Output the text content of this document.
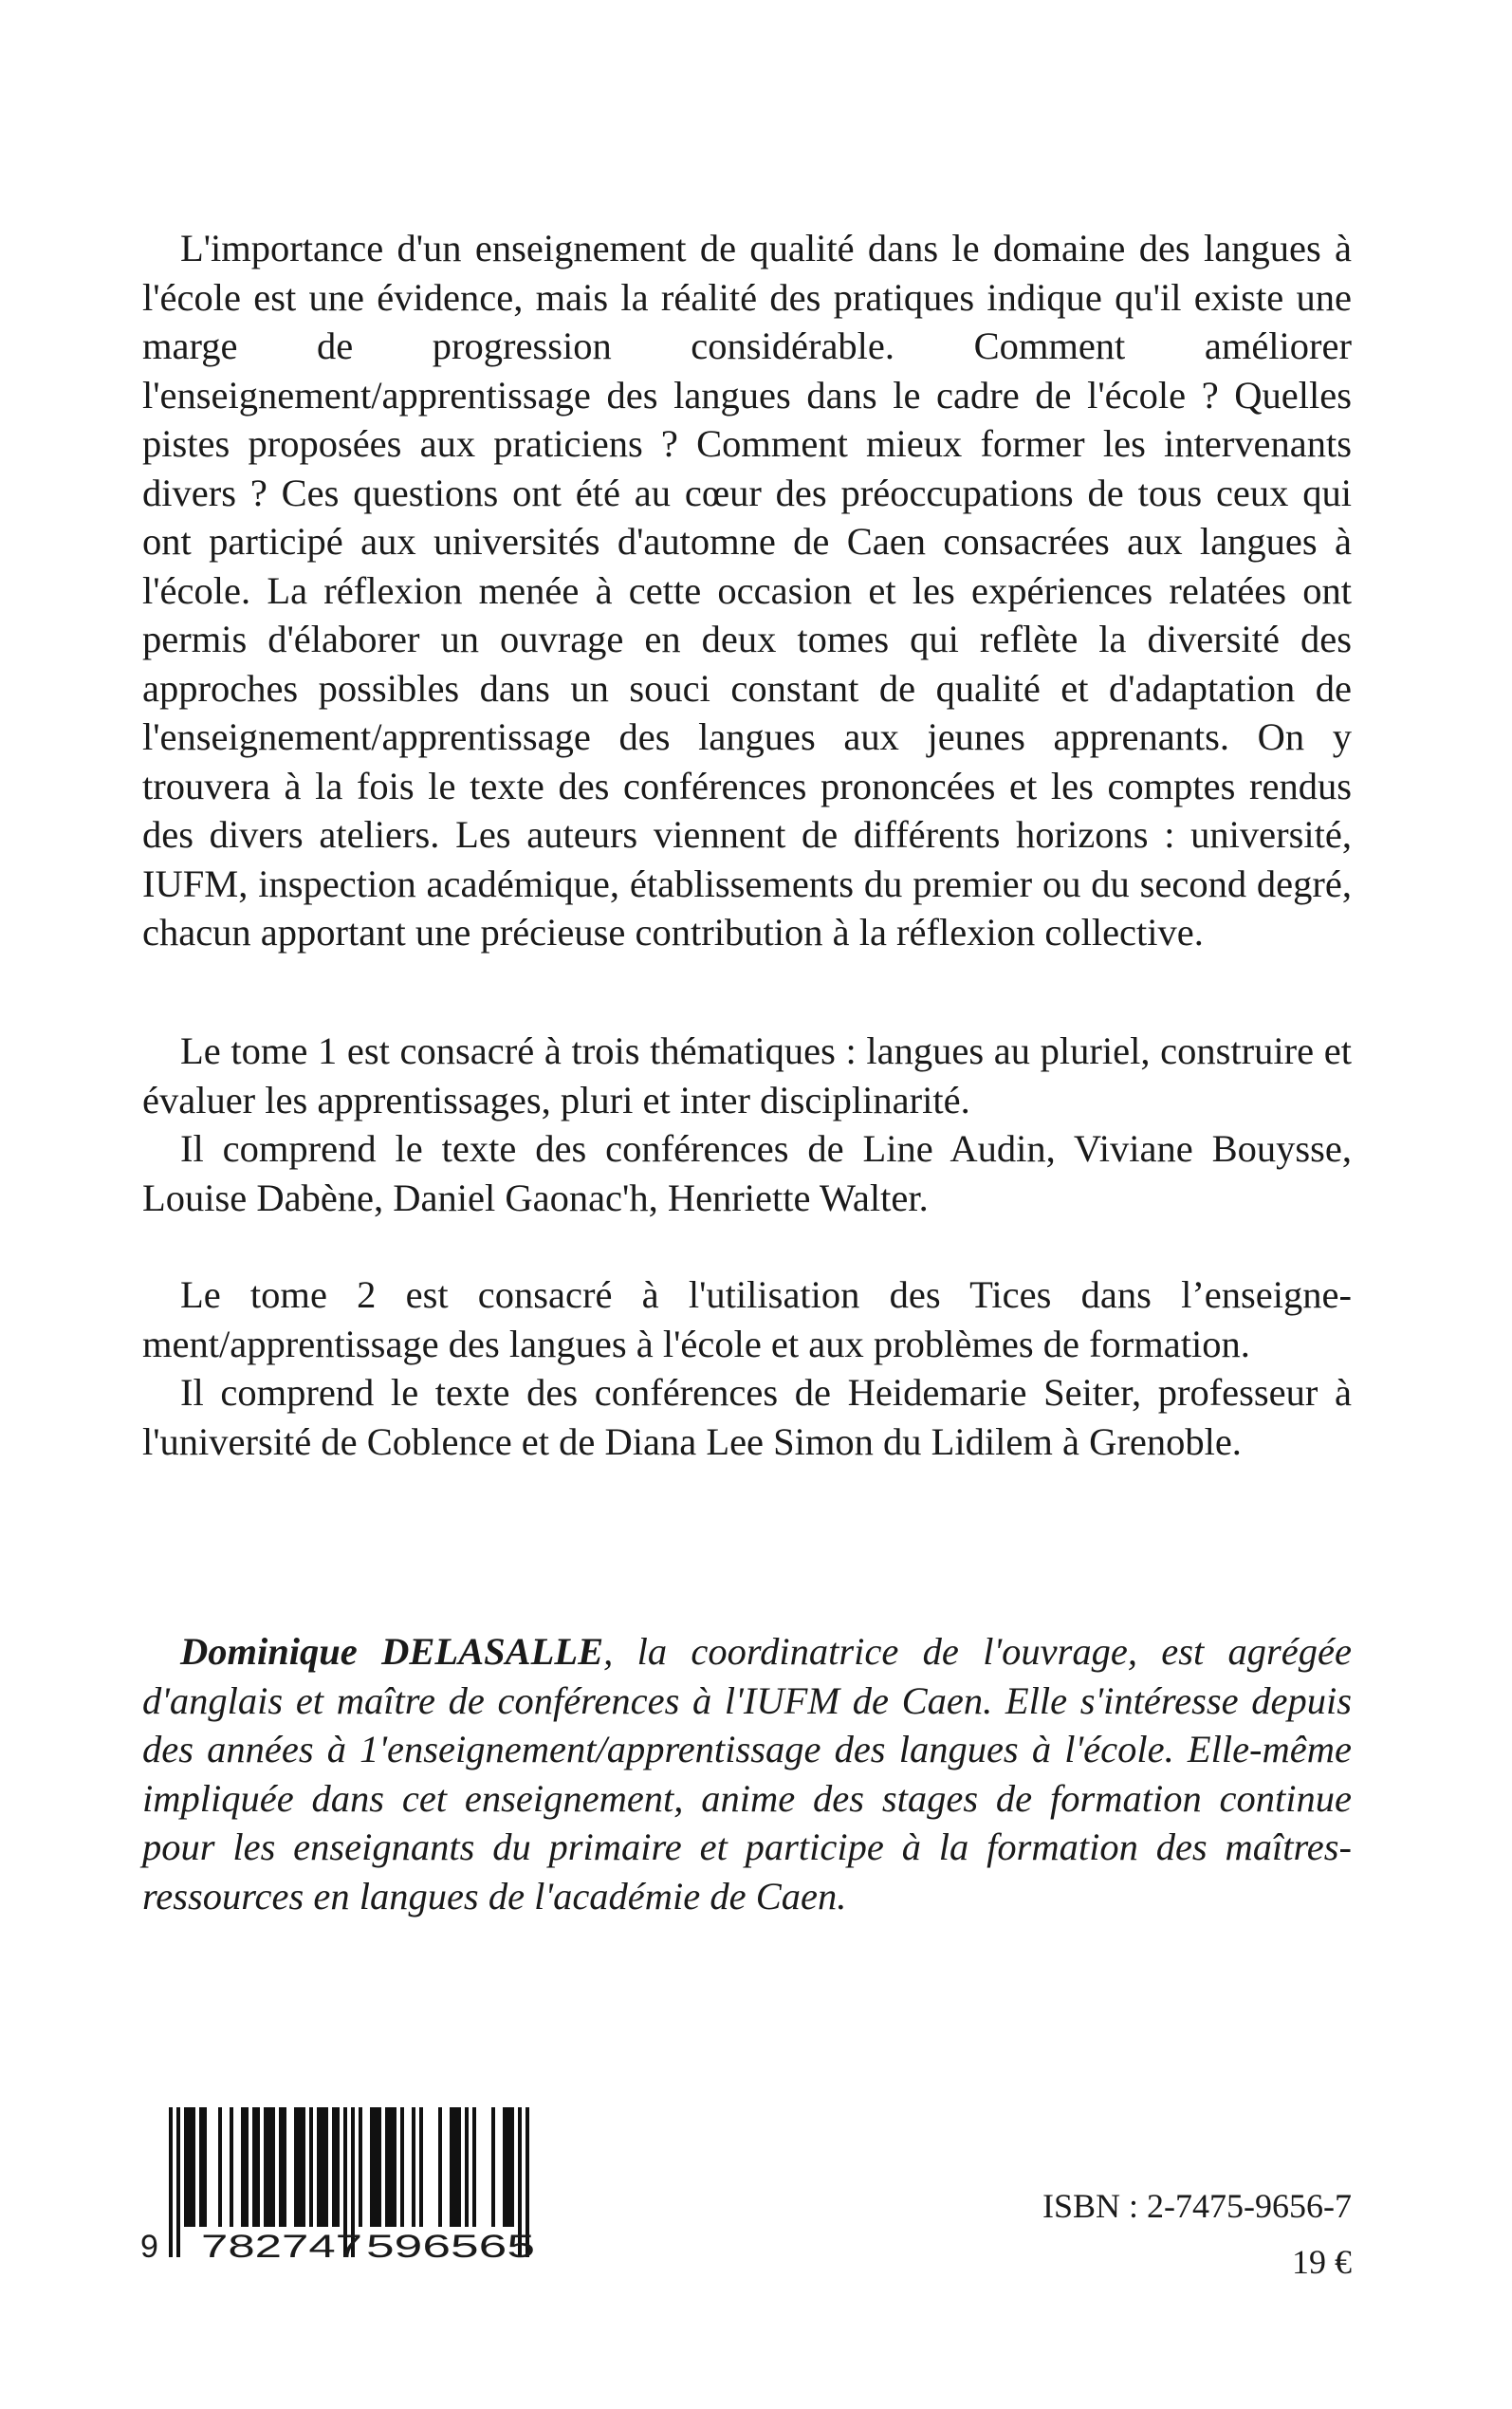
L'importance d'un enseignement de qualité dans le domaine des langues à l'école est une évidence, mais la réalité des pratiques indique qu'il existe une marge de progression considérable. Comment améliorer l'enseignement/apprentissage des langues dans le cadre de l'école ? Quelles pistes proposées aux praticiens ? Comment mieux former les intervenants divers ? Ces questions ont été au cœur des préoccupations de tous ceux qui ont participé aux universités d'automne de Caen consacrées aux langues à l'école. La réflexion menée à cette occasion et les expériences relatées ont permis d'élaborer un ouvrage en deux tomes qui reflète la diversité des approches possibles dans un souci constant de qualité et d'adaptation de l'enseignement/apprentissage des langues aux jeunes apprenants. On y trouvera à la fois le texte des conférences prononcées et les comptes rendus des divers ateliers. Les auteurs viennent de différents horizons : université, IUFM, inspection académique, établissements du premier ou du second degré, chacun apportant une précieuse contribution à la réflexion collective.

Le tome 1 est consacré à trois thématiques : langues au pluriel, construire et évaluer les apprentissages, pluri et inter disciplinarité.

Il comprend le texte des conférences de Line Audin, Viviane Bouysse, Louise Dabène, Daniel Gaonac'h, Henriette Walter.

Le tome 2 est consacré à l'utilisation des Tices dans l’enseignement/apprentissage des langues à l'école et aux problèmes de formation.

Il comprend le texte des conférences de Heidemarie Seiter, professeur à l'université de Coblence et de Diana Lee Simon du Lidilem à Grenoble.

Dominique DELASALLE, la coordinatrice de l'ouvrage, est agrégée d'anglais et maître de conférences à l'IUFM de Caen. Elle s'intéresse depuis des années à 1'enseignement/apprentissage des langues à l'école. Elle-même impliquée dans cet enseignement, anime des stages de formation continue pour les enseignants du primaire et participe à la formation des maîtres-ressources en langues de l'académie de Caen.

9 782747 596565

ISBN : 2-7475-9656-7

19 €
